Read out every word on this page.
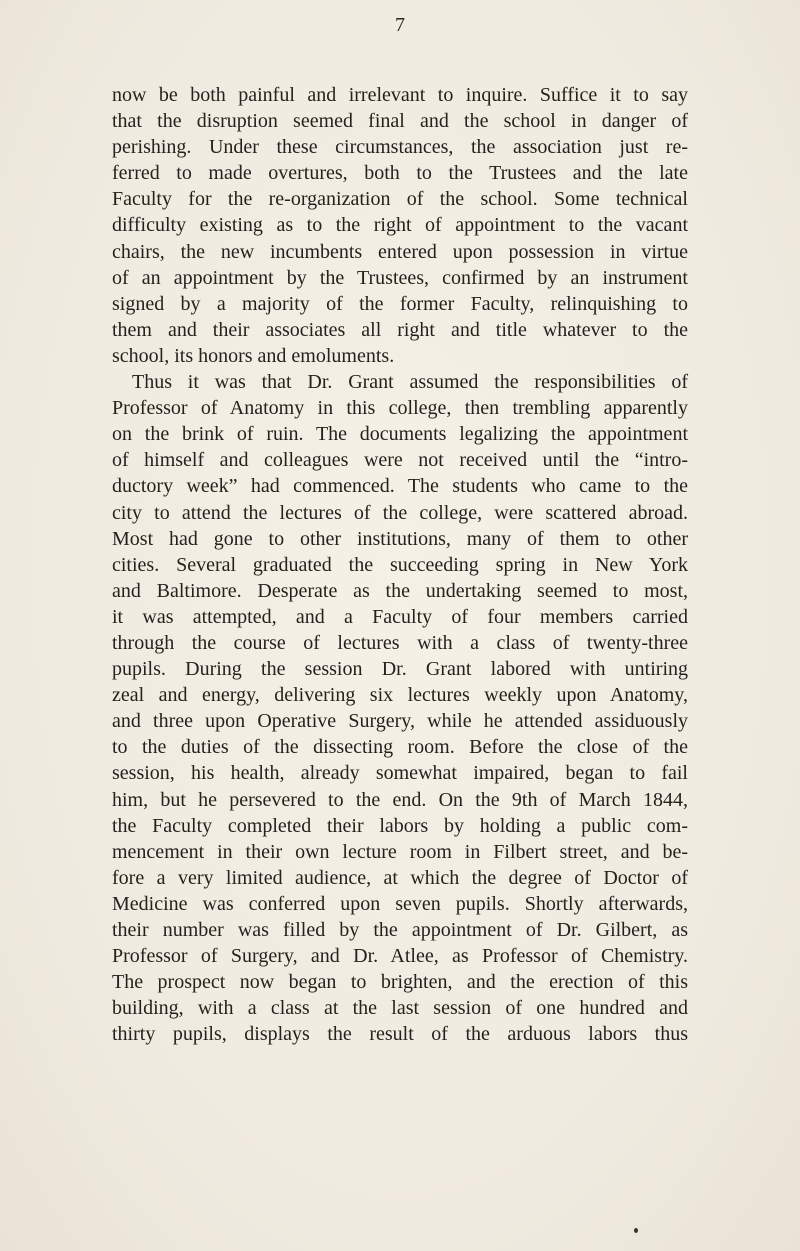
7
now be both painful and irrelevant to inquire. Suffice it to say
that the disruption seemed final and the school in danger of
perishing. Under these circumstances, the association just re-
ferred to made overtures, both to the Trustees and the late
Faculty for the re-organization of the school. Some technical
difficulty existing as to the right of appointment to the vacant
chairs, the new incumbents entered upon possession in virtue
of an appointment by the Trustees, confirmed by an instrument
signed by a majority of the former Faculty, relinquishing to
them and their associates all right and title whatever to the
school, its honors and emoluments.
Thus it was that Dr. Grant assumed the responsibilities of
Professor of Anatomy in this college, then trembling apparently
on the brink of ruin. The documents legalizing the appointment
of himself and colleagues were not received until the “intro-
ductory week” had commenced. The students who came to the
city to attend the lectures of the college, were scattered abroad.
Most had gone to other institutions, many of them to other
cities. Several graduated the succeeding spring in New York
and Baltimore. Desperate as the undertaking seemed to most,
it was attempted, and a Faculty of four members carried
through the course of lectures with a class of twenty-three
pupils. During the session Dr. Grant labored with untiring
zeal and energy, delivering six lectures weekly upon Anatomy,
and three upon Operative Surgery, while he attended assiduously
to the duties of the dissecting room. Before the close of the
session, his health, already somewhat impaired, began to fail
him, but he persevered to the end. On the 9th of March 1844,
the Faculty completed their labors by holding a public com-
mencement in their own lecture room in Filbert street, and be-
fore a very limited audience, at which the degree of Doctor of
Medicine was conferred upon seven pupils. Shortly afterwards,
their number was filled by the appointment of Dr. Gilbert, as
Professor of Surgery, and Dr. Atlee, as Professor of Chemistry.
The prospect now began to brighten, and the erection of this
building, with a class at the last session of one hundred and
thirty pupils, displays the result of the arduous labors thus
